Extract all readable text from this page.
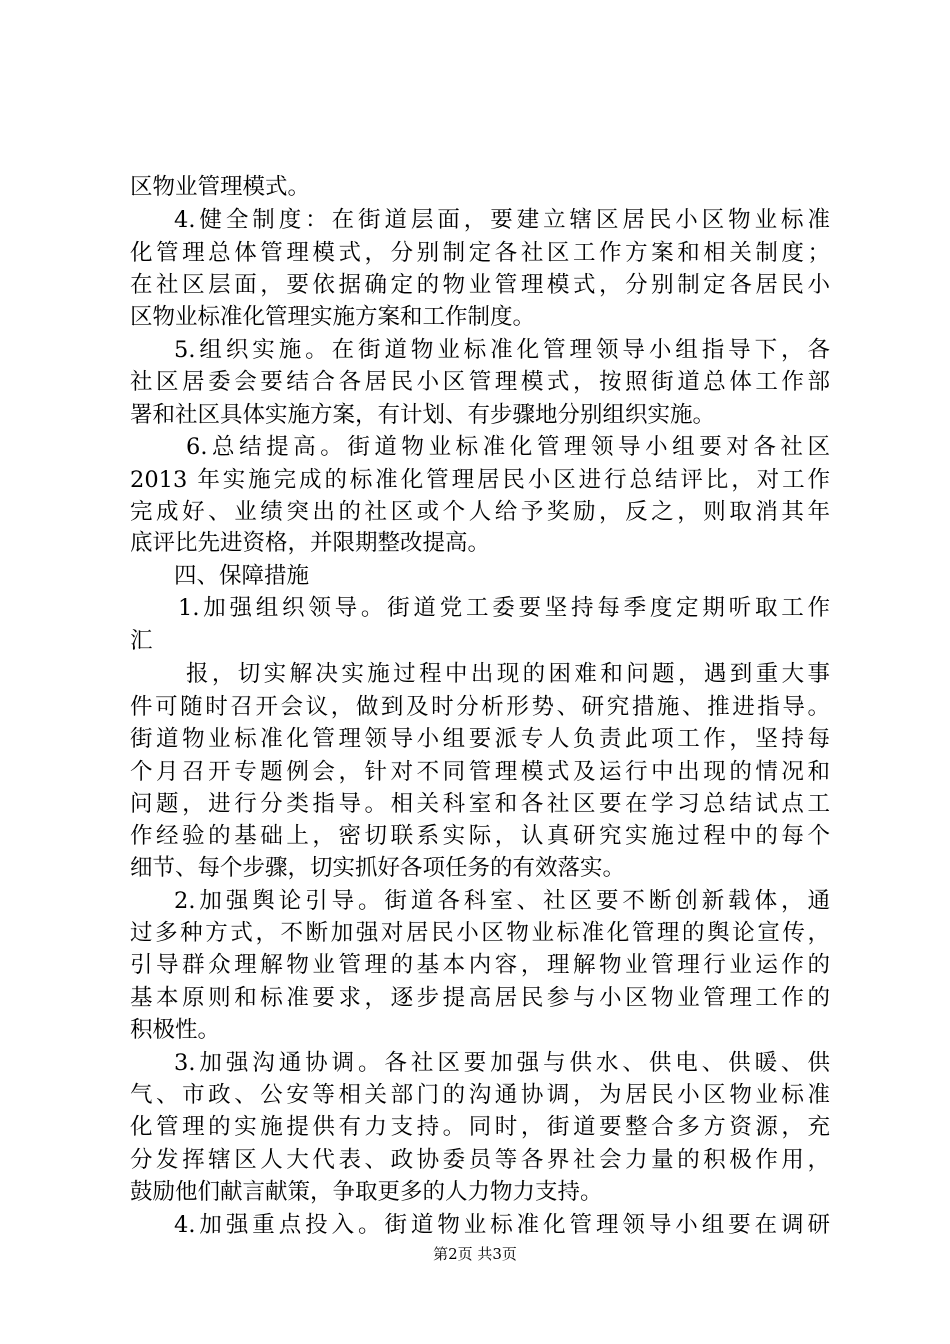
区物业管理模式。
4.健全制度：在街道层面，要建立辖区居民小区物业标准
化管理总体管理模式，分别制定各社区工作方案和相关制度；
在社区层面，要依据确定的物业管理模式，分别制定各居民小
区物业标准化管理实施方案和工作制度。
5.组织实施。在街道物业标准化管理领导小组指导下，各
社区居委会要结合各居民小区管理模式，按照街道总体工作部
署和社区具体实施方案，有计划、有步骤地分别组织实施。
6.总结提高。街道物业标准化管理领导小组要对各社区
2013 年实施完成的标准化管理居民小区进行总结评比，对工作
完成好、业绩突出的社区或个人给予奖励，反之，则取消其年
底评比先进资格，并限期整改提高。
四、保障措施
1.加强组织领导。街道党工委要坚持每季度定期听取工作
汇
报，切实解决实施过程中出现的困难和问题，遇到重大事
件可随时召开会议，做到及时分析形势、研究措施、推进指导。
街道物业标准化管理领导小组要派专人负责此项工作，坚持每
个月召开专题例会，针对不同管理模式及运行中出现的情况和
问题，进行分类指导。相关科室和各社区要在学习总结试点工
作经验的基础上，密切联系实际，认真研究实施过程中的每个
细节、每个步骤，切实抓好各项任务的有效落实。
2.加强舆论引导。街道各科室、社区要不断创新载体，通
过多种方式，不断加强对居民小区物业标准化管理的舆论宣传，
引导群众理解物业管理的基本内容，理解物业管理行业运作的
基本原则和标准要求，逐步提高居民参与小区物业管理工作的
积极性。
3.加强沟通协调。各社区要加强与供水、供电、供暖、供
气、市政、公安等相关部门的沟通协调，为居民小区物业标准
化管理的实施提供有力支持。同时，街道要整合多方资源，充
分发挥辖区人大代表、政协委员等各界社会力量的积极作用，
鼓励他们献言献策，争取更多的人力物力支持。
4.加强重点投入。街道物业标准化管理领导小组要在调研
第2页 共3页
